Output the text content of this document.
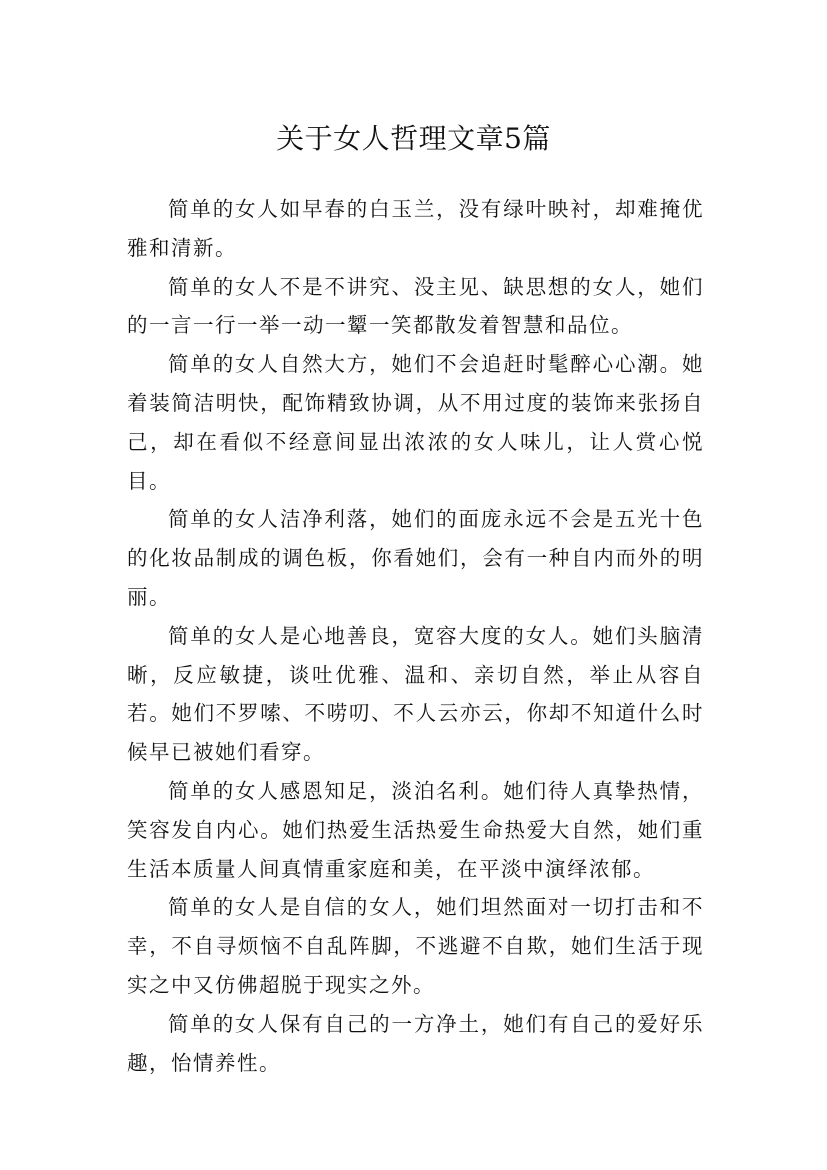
关于女人哲理文章5篇

简单的女人如早春的白玉兰，没有绿叶映衬，却难掩优雅和清新。

简单的女人不是不讲究、没主见、缺思想的女人，她们的一言一行一举一动一颦一笑都散发着智慧和品位。

简单的女人自然大方，她们不会追赶时髦醉心心潮。她着装简洁明快，配饰精致协调，从不用过度的装饰来张扬自己，却在看似不经意间显出浓浓的女人味儿，让人赏心悦目。

简单的女人洁净利落，她们的面庞永远不会是五光十色的化妆品制成的调色板，你看她们，会有一种自内而外的明丽。

简单的女人是心地善良，宽容大度的女人。她们头脑清晰，反应敏捷，谈吐优雅、温和、亲切自然，举止从容自若。她们不罗嗦、不唠叨、不人云亦云，你却不知道什么时候早已被她们看穿。

简单的女人感恩知足，淡泊名利。她们待人真挚热情，笑容发自内心。她们热爱生活热爱生命热爱大自然，她们重生活本质量人间真情重家庭和美，在平淡中演绎浓郁。

简单的女人是自信的女人，她们坦然面对一切打击和不幸，不自寻烦恼不自乱阵脚，不逃避不自欺，她们生活于现实之中又仿佛超脱于现实之外。

简单的女人保有自己的一方净土，她们有自己的爱好乐趣，怡情养性。
